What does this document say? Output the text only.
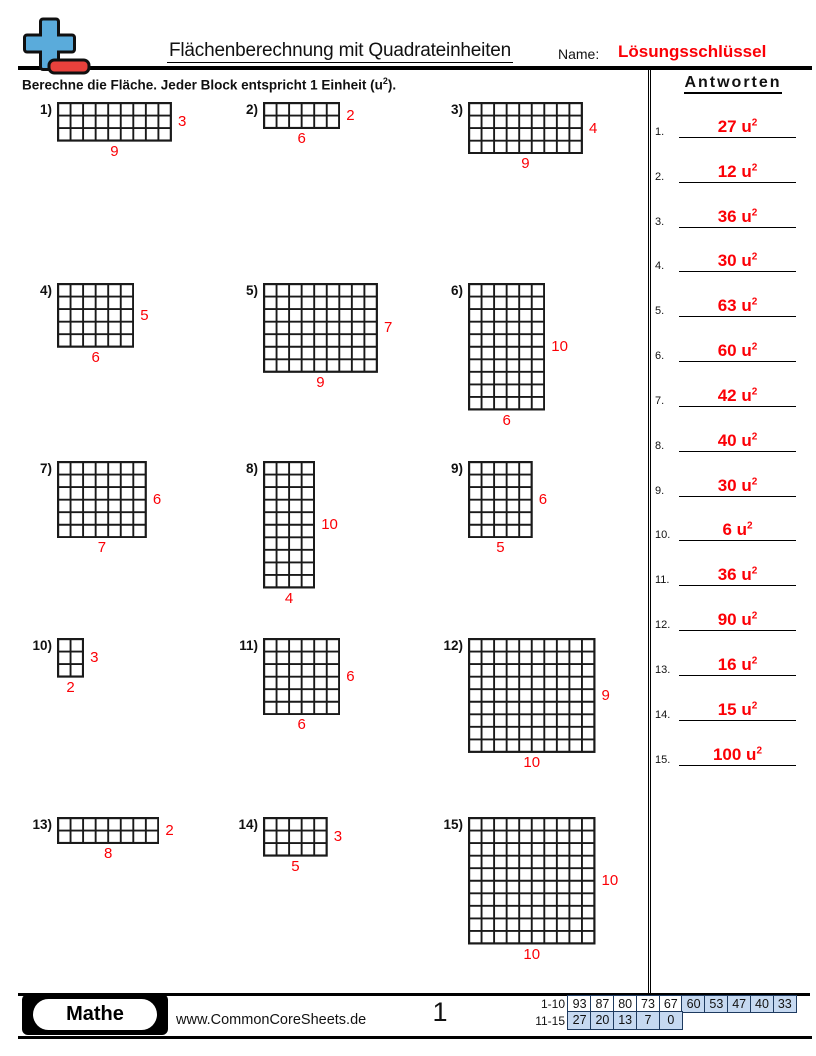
Flächenberechnung mit Quadrateinheiten	Name: Lösungsschlüssel
Berechne die Fläche. Jeder Block entspricht 1 Einheit $(u^2)$.	Antworten
1.	27 $u^2$
2.	12 $u^2$
3.	36 $u^2$
4.	30 $u^2$
5.	63 $u^2$
6.	60 $u^2$
7.	42 $u^2$
8.	40 $u^2$
9.	30 $u^2$
10.	6 $u^2$
11.	36 $u^2$
12.	90 $u^2$
13.	16 $u^2$
14.	15 $u^2$
15.	100 $u^2$
1)
3
9
2)	2
6
3)
4
9
4)
5
6
5)
7
9
6)
10
6
7)
6
7
8)
10
4
9)
6
5
10)
3
2
11)
6
6
12)
9
10
13)	2
8
14)
3
5
15)
10
10
Mathe	www.CommonCoreSheets.de	1	1-10 93 87 80 73 67 60 53 47 40 33
11-15 27 20 13 7	0
